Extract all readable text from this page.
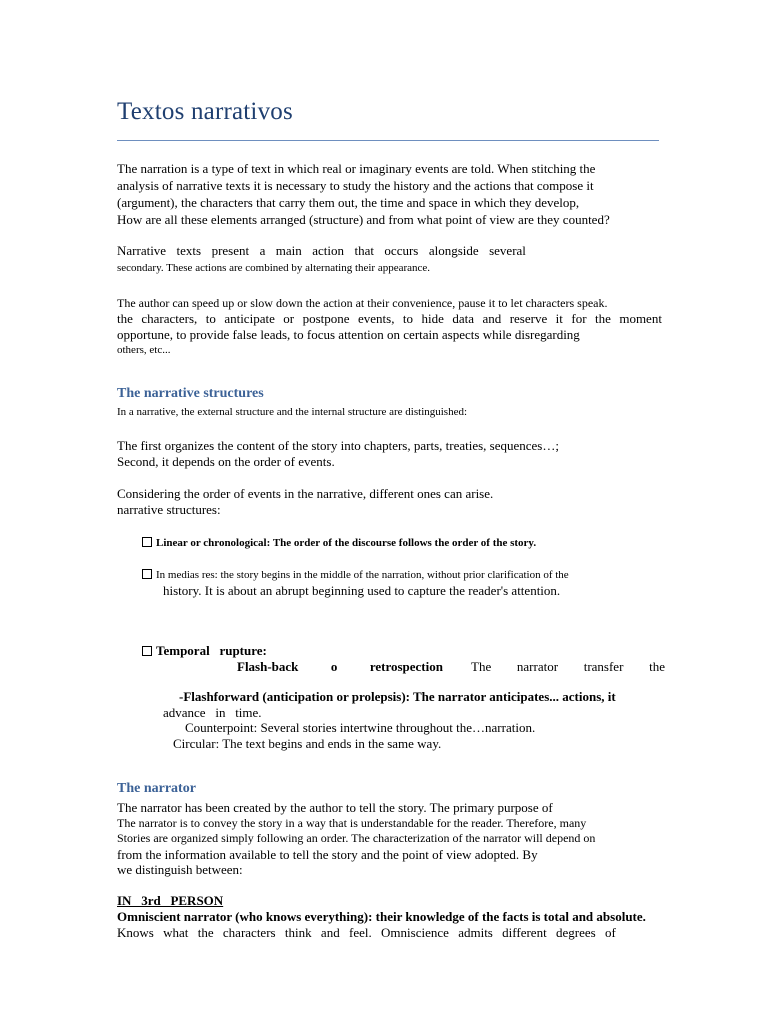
Textos narrativos
The narration is a type of text in which real or imaginary events are told. When stitching the
analysis of narrative texts it is necessary to study the history and the actions that compose it
(argument), the characters that carry them out, the time and space in which they develop,
How are all these elements arranged (structure) and from what point of view are they counted?
Narrative texts present a main action that occurs alongside several
secondary. These actions are combined by alternating their appearance.
The author can speed up or slow down the action at their convenience, pause it to let characters speak.
the characters, to anticipate or postpone events, to hide data and reserve it for the moment
opportune, to provide false leads, to focus attention on certain aspects while disregarding
others, etc...
The narrative structures
In a narrative, the external structure and the internal structure are distinguished:
The first organizes the content of the story into chapters, parts, treaties, sequences…;
Second, it depends on the order of events.
Considering the order of events in the narrative, different ones can arise.
narrative structures:
Linear or chronological: The order of the discourse follows the order of the story.
In medias res: the story begins in the middle of the narration, without prior clarification of the
history. It is about an abrupt beginning used to capture the reader's attention.
Temporal   rupture:
Flash-back o retrospection The narrator transfer the
-Flashforward (anticipation or prolepsis): The narrator anticipates... actions, it
advance   in   time.
Counterpoint: Several stories intertwine throughout the…narration.
Circular: The text begins and ends in the same way.
The narrator
The narrator has been created by the author to tell the story. The primary purpose of
The narrator is to convey the story in a way that is understandable for the reader. Therefore, many
Stories are organized simply following an order. The characterization of the narrator will depend on
from the information available to tell the story and the point of view adopted. By
we distinguish between:
IN   3rd   PERSON
Omniscient narrator (who knows everything): their knowledge of the facts is total and absolute.
Knows what the characters think and feel. Omniscience admits different degrees of
